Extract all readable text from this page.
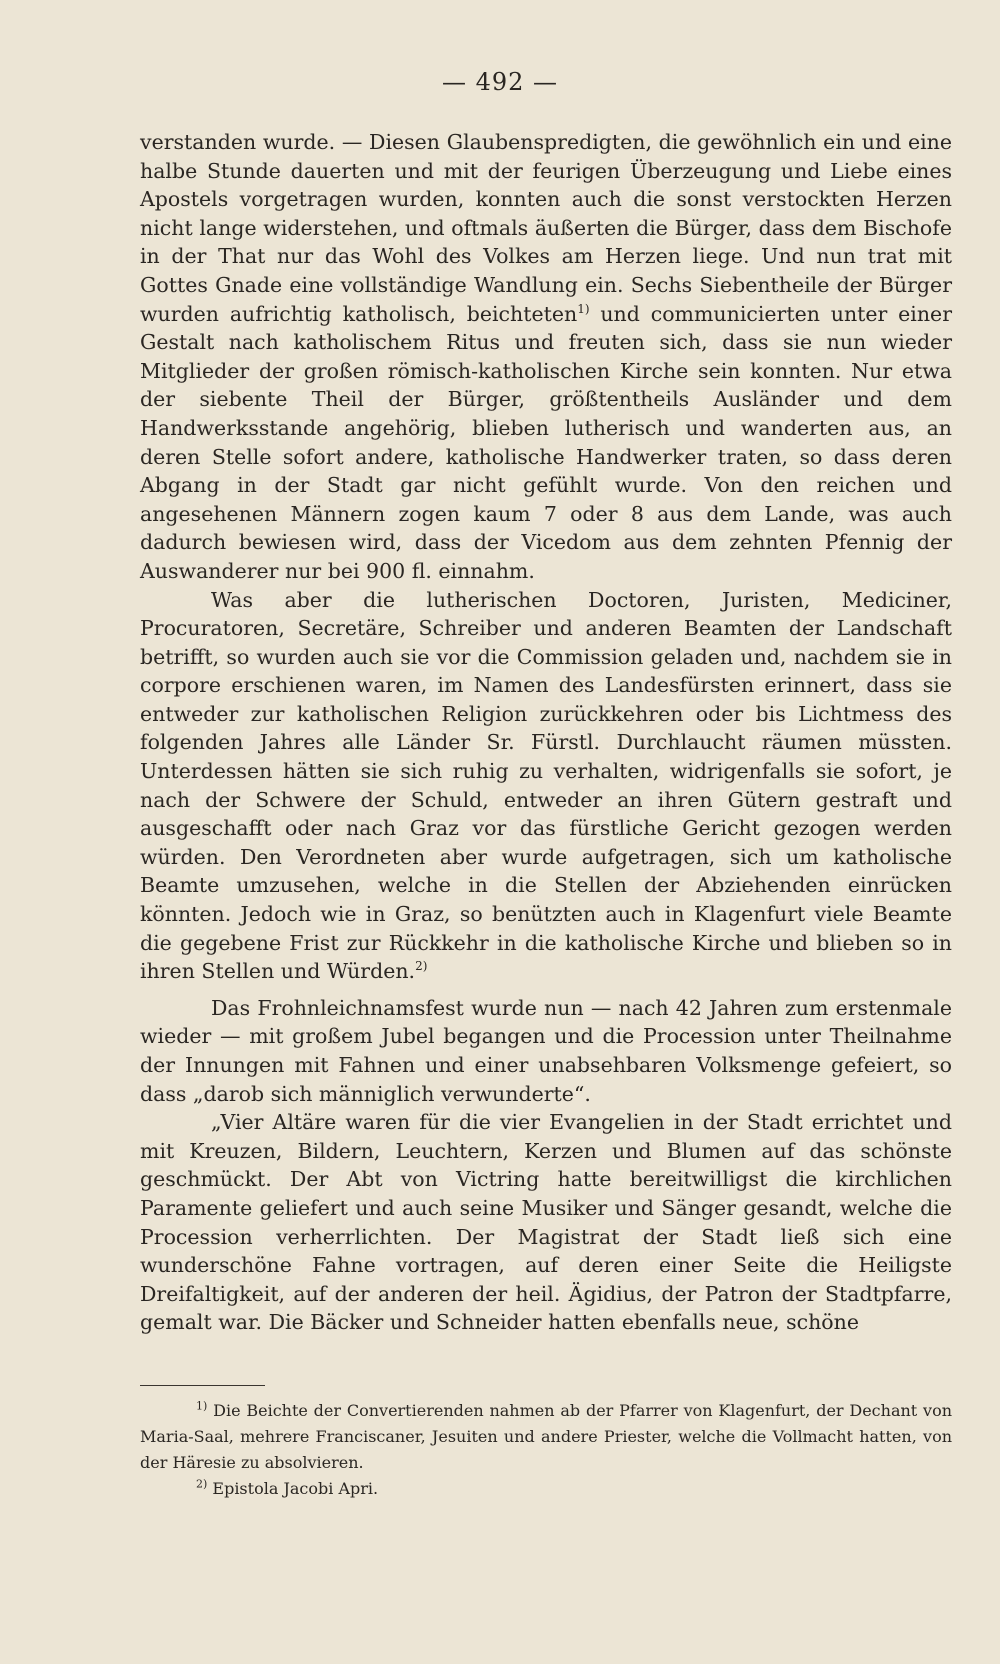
— 492 —

verstanden wurde. — Diesen Glaubenspredigten, die gewöhnlich ein und eine halbe Stunde dauerten und mit der feurigen Überzeugung und Liebe eines Apostels vorgetragen wurden, konnten auch die sonst verstockten Herzen nicht lange widerstehen, und oftmals äußerten die Bürger, dass dem Bischofe in der That nur das Wohl des Volkes am Herzen liege. Und nun trat mit Gottes Gnade eine vollständige Wandlung ein. Sechs Siebentheile der Bürger wurden aufrichtig katholisch, beichteten$^{1)}$ und communicierten unter einer Gestalt nach katholischem Ritus und freuten sich, dass sie nun wieder Mitglieder der großen römisch-katholischen Kirche sein konnten. Nur etwa der siebente Theil der Bürger, größtentheils Ausländer und dem Handwerksstande angehörig, blieben lutherisch und wanderten aus, an deren Stelle sofort andere, katholische Handwerker traten, so dass deren Abgang in der Stadt gar nicht gefühlt wurde. Von den reichen und angesehenen Männern zogen kaum 7 oder 8 aus dem Lande, was auch dadurch bewiesen wird, dass der Vicedom aus dem zehnten Pfennig der Auswanderer nur bei 900 fl. einnahm.

Was aber die lutherischen Doctoren, Juristen, Mediciner, Procuratoren, Secretäre, Schreiber und anderen Beamten der Landschaft betrifft, so wurden auch sie vor die Commission geladen und, nachdem sie in corpore erschienen waren, im Namen des Landesfürsten erinnert, dass sie entweder zur katholischen Religion zurückkehren oder bis Lichtmess des folgenden Jahres alle Länder Sr. Fürstl. Durchlaucht räumen müssten. Unterdessen hätten sie sich ruhig zu verhalten, widrigenfalls sie sofort, je nach der Schwere der Schuld, entweder an ihren Gütern gestraft und ausgeschafft oder nach Graz vor das fürstliche Gericht gezogen werden würden. Den Verordneten aber wurde aufgetragen, sich um katholische Beamte umzusehen, welche in die Stellen der Abziehenden einrücken könnten. Jedoch wie in Graz, so benützten auch in Klagenfurt viele Beamte die gegebene Frist zur Rückkehr in die katholische Kirche und blieben so in ihren Stellen und Würden.$^{2)}$

Das Frohnleichnamsfest wurde nun — nach 42 Jahren zum erstenmale wieder — mit großem Jubel begangen und die Procession unter Theilnahme der Innungen mit Fahnen und einer unabsehbaren Volksmenge gefeiert, so dass „darob sich männiglich verwunderte“.

„Vier Altäre waren für die vier Evangelien in der Stadt errichtet und mit Kreuzen, Bildern, Leuchtern, Kerzen und Blumen auf das schönste geschmückt. Der Abt von Victring hatte bereitwilligst die kirchlichen Paramente geliefert und auch seine Musiker und Sänger gesandt, welche die Procession verherrlichten. Der Magistrat der Stadt ließ sich eine wunderschöne Fahne vortragen, auf deren einer Seite die Heiligste Dreifaltigkeit, auf der anderen der heil. Ägidius, der Patron der Stadtpfarre, gemalt war. Die Bäcker und Schneider hatten ebenfalls neue, schöne

$^{1)}$ Die Beichte der Convertierenden nahmen ab der Pfarrer von Klagenfurt, der Dechant von Maria-Saal, mehrere Franciscaner, Jesuiten und andere Priester, welche die Vollmacht hatten, von der Häresie zu absolvieren.

$^{2)}$ Epistola Jacobi Apri.
